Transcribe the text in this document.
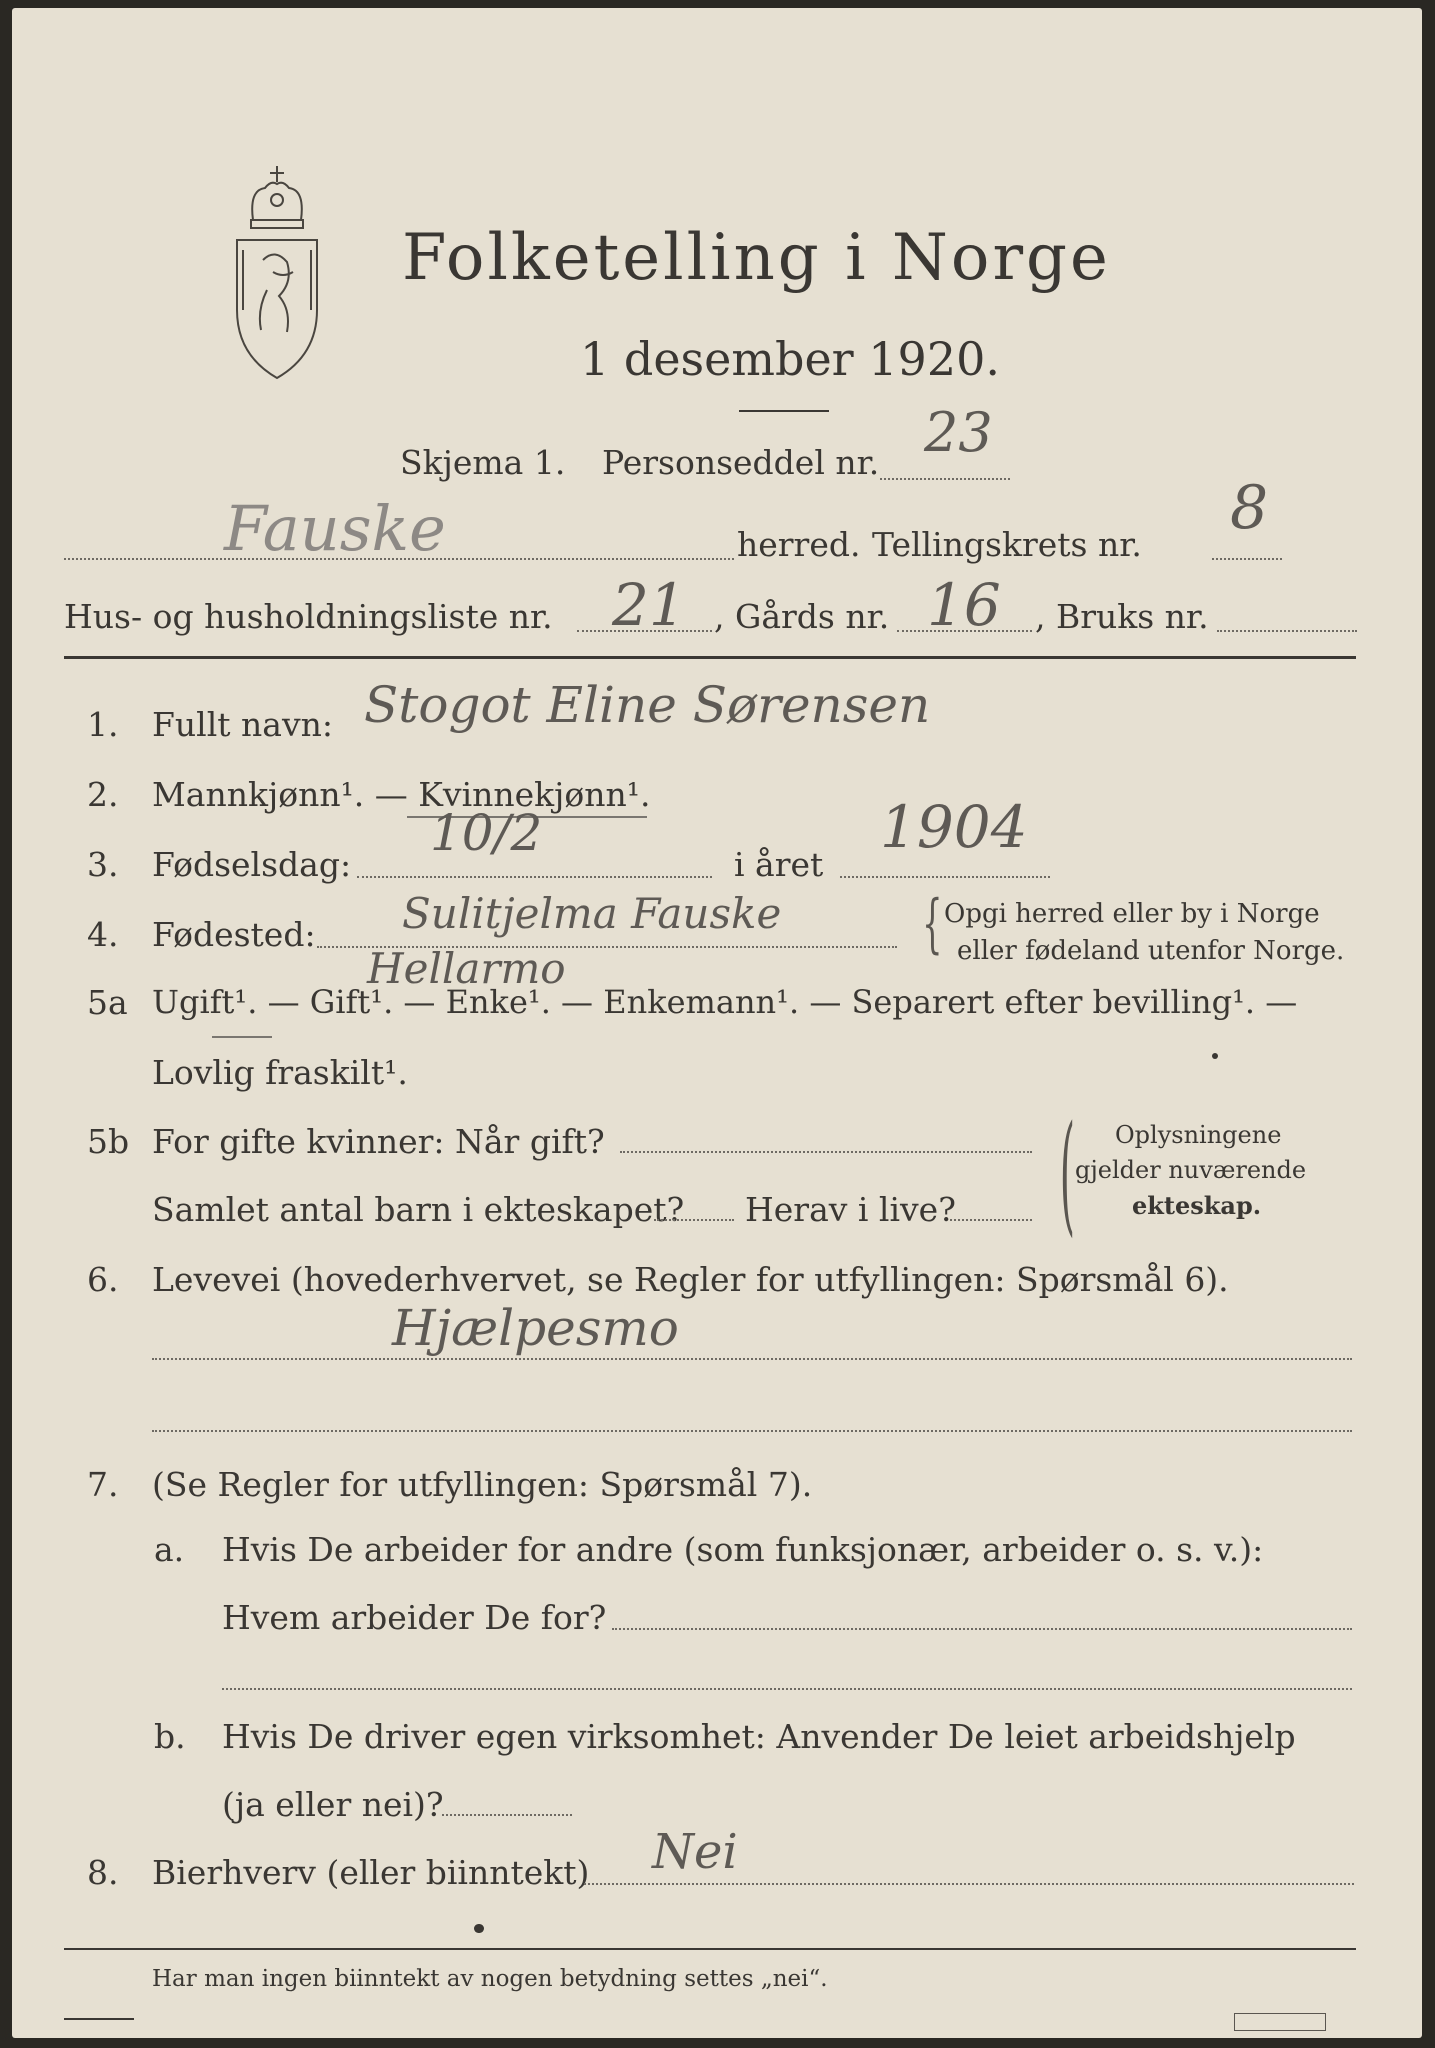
Folketelling i Norge
1 desember 1920.
Skjema 1. Personseddel nr. 23
Fauske	herred. Tellingskrets nr.
8
Hus- og husholdningsliste nr. 21 , Gårds nr. 16 , Bruks nr.
1. Fullt navn: Stogot Eline Sørensen
2. Mannkjønn¹. — Kvinnekjønn¹.
3. Fødselsdag:
10/2
i året
1904
4. Fødested: Sulitjelma Fauske
Hellarmo
{ Opgi herred eller by i Norge
eller fødeland utenfor Norge.
5a Ugift¹. — Gift¹. — Enke¹. — Enkemann¹. — Separert efter bevilling¹. —
Lovlig fraskilt¹.
5b For gifte kvinner: Når gift?
Samlet antal barn i ekteskapet? Herav i live? ( Oplysningene
gjelder nuværende
ekteskap.
6. Levevei (hovederhvervet, se Regler for utfyllingen: Spørsmål 6).
Hjælpesmo
7. (Se Regler for utfyllingen: Spørsmål 7).
a. Hvis De arbeider for andre (som funksjonær, arbeider o. s. v.):
Hvem arbeider De for?
b. Hvis De driver egen virksomhet: Anvender De leiet arbeidshjelp
(ja eller nei)?
8. Bierhverv (eller biinntekt) Nei
Har man ingen biinntekt av nogen betydning settes „nei“.
